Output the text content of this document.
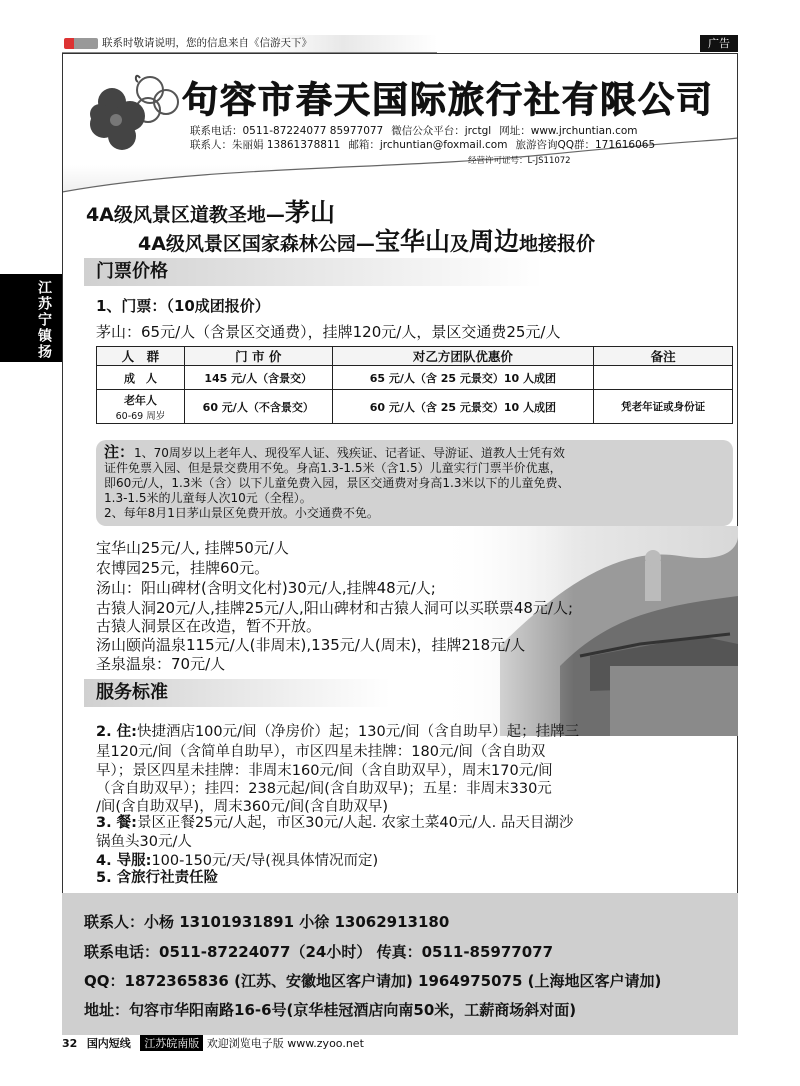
联系时敬请说明，您的信息来自《信游天下》	广告
句容市春天国际旅行社有限公司
联系电话：0511-87224077 85977077 微信公众平台：jrctgl 网址：www.jrchuntian.com
联系人：朱丽娟 13861378811 邮箱：jrchuntian@foxmail.com 旅游咨询QQ群：171616065
经营许可证号：L-JS11072
江苏宁镇扬
4A级风景区道教圣地—茅山
4A级风景区国家森林公园—宝华山及周边地接报价
门票价格
1、门票：（10成团报价）
茅山：65元/人（含景区交通费），挂牌120元/人，景区交通费25元/人
人　群	门 市 价	对乙方团队优惠价	备注
成　人	145 元/人（含景交）	65 元/人（含 25 元景交）10 人成团	

老年人
60-69 周岁	60 元/人（不含景交）	60 元/人（含 25 元景交）10 人成团	凭老年证或身份证
注：1、70周岁以上老年人、现役军人证、残疾证、记者证、导游证、道教人士凭有效
证件免票入园、但是景交费用不免。身高1.3-1.5米（含1.5）儿童实行门票半价优惠，
即60元/人，1.3米（含）以下儿童免费入园，景区交通费对身高1.3米以下的儿童免费、
1.3-1.5米的儿童每人次10元（全程）。
2、每年8月1日茅山景区免费开放。小交通费不免。
宝华山25元/人, 挂牌50元/人
农博园25元，挂牌60元。
汤山：阳山碑材(含明文化村)30元/人,挂牌48元/人;
古猿人洞20元/人,挂牌25元/人,阳山碑材和古猿人洞可以买联票48元/人;
古猿人洞景区在改造，暂不开放。
汤山颐尚温泉115元/人(非周末),135元/人(周末)，挂牌218元/人
圣泉温泉：70元/人
服务标准
2. 住:快捷酒店100元/间（净房价）起；130元/间（含自助早）起；挂牌三
星120元/间（含简单自助早），市区四星未挂牌：180元/间（含自助双
早）；景区四星未挂牌：非周末160元/间（含自助双早），周末170元/间
（含自助双早）；挂四：238元起/间(含自助双早)；五星：非周末330元
/间(含自助双早)，周末360元/间(含自助双早)
3. 餐:景区正餐25元/人起，市区30元/人起. 农家土菜40元/人. 品天目湖沙
锅鱼头30元/人
4. 导服:100-150元/天/导(视具体情况而定)
5. 含旅行社责任险
联系人：小杨 13101931891 小徐 13062913180
联系电话：0511-87224077（24小时） 传真：0511-85977077
QQ：1872365836 (江苏、安徽地区客户请加) 1964975075 (上海地区客户请加)
地址：句容市华阳南路16-6号(京华桂冠酒店向南50米，工薪商场斜对面)
32 国内短线 江苏皖南版 欢迎浏览电子版 www.zyoo.net
